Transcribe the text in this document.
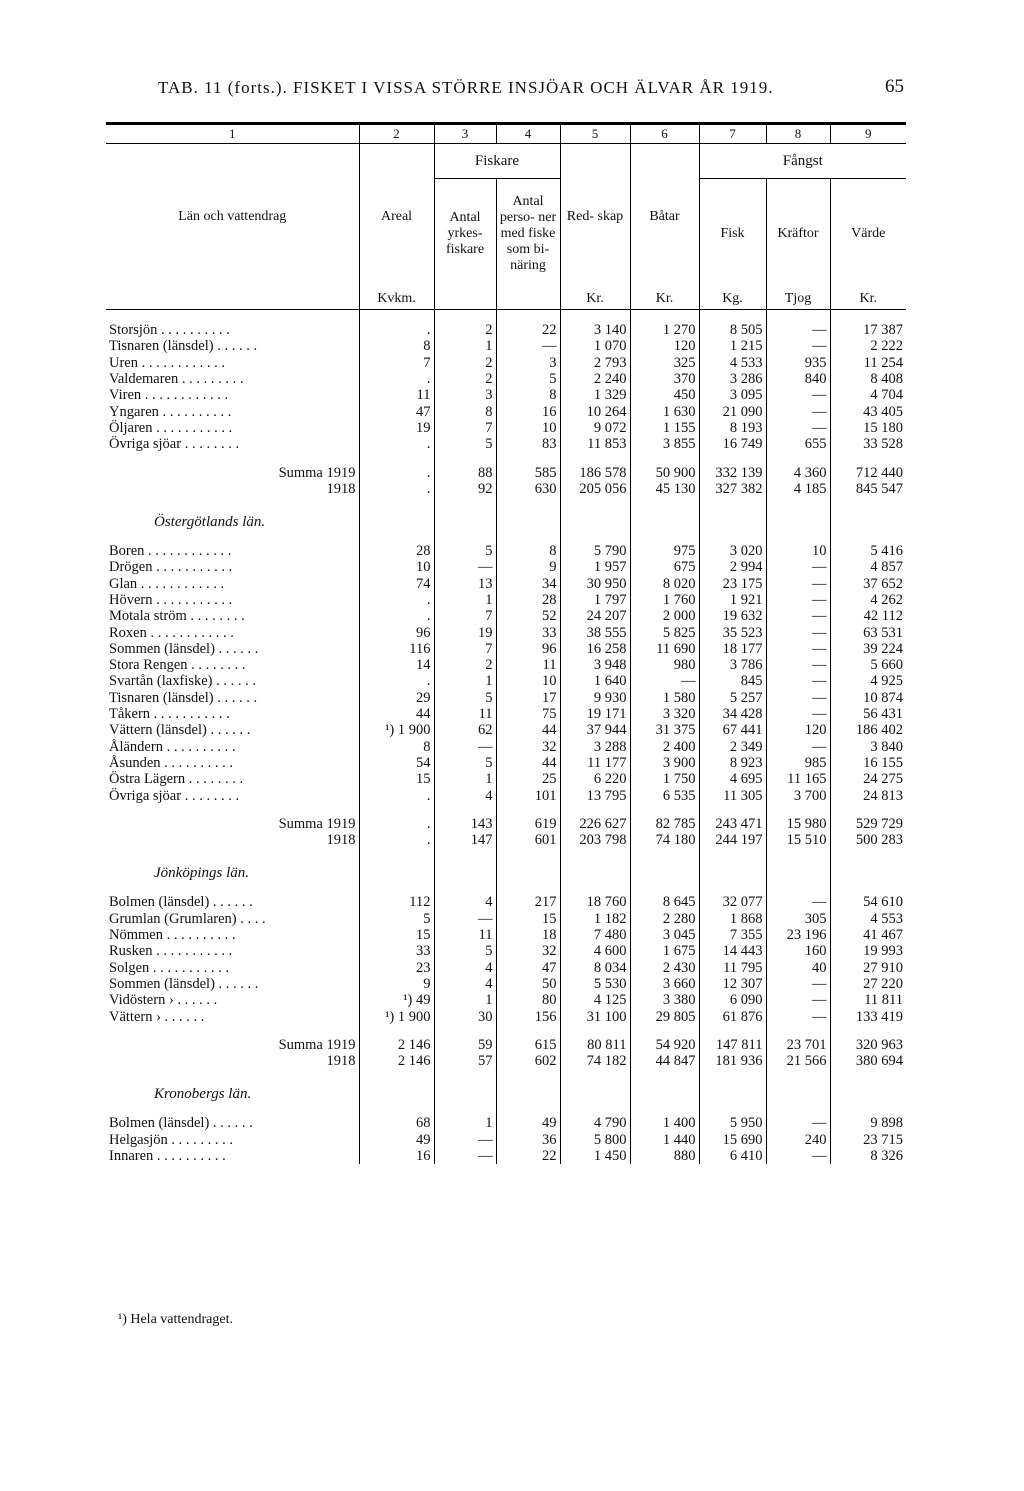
TAB. 11 (forts.). FISKET I VISSA STÖRRE INSJÖAR OCH ÄLVAR ÅR 1919.	65
1	2	3	4	5	6	7	8	9
Län och vattendrag	Areal	Fiskare		Red- skap	Båtar	Fångst		
		Antal yrkes- fiskare	Antal perso- ner med fiske som bi- näring			Fisk	Kräftor	Värde
	Kvkm.			Kr.	Kr.	Kg.	Tjog	Kr.

Storsjön . . . . . . . . . .	.	2	22	3 140	1 270	8 505	—	17 387
Tisnaren (länsdel) . . . . . .	8	1	—	1 070	120	1 215	—	2 222
Uren . . . . . . . . . . . .	7	2	3	2 793	325	4 533	935	11 254
Valdemaren . . . . . . . . .	.	2	5	2 240	370	3 286	840	8 408
Viren . . . . . . . . . . . .	11	3	8	1 329	450	3 095	—	4 704
Yngaren . . . . . . . . . .	47	8	16	10 264	1 630	21 090	—	43 405
Öljaren . . . . . . . . . . .	19	7	10	9 072	1 155	8 193	—	15 180
Övriga sjöar . . . . . . . .	.	5	83	11 853	3 855	16 749	655	33 528

Summa 1919	.	88	585	186 578	50 900	332 139	4 360	712 440
1918	.	92	630	205 056	45 130	327 382	4 185	845 547
Östergötlands län.								

Boren . . . . . . . . . . . .	28	5	8	5 790	975	3 020	10	5 416
Drögen . . . . . . . . . . .	10	—	9	1 957	675	2 994	—	4 857
Glan . . . . . . . . . . . .	74	13	34	30 950	8 020	23 175	—	37 652
Hövern . . . . . . . . . . .	.	1	28	1 797	1 760	1 921	—	4 262
Motala ström . . . . . . . .	.	7	52	24 207	2 000	19 632	—	42 112
Roxen . . . . . . . . . . . .	96	19	33	38 555	5 825	35 523	—	63 531
Sommen (länsdel) . . . . . .	116	7	96	16 258	11 690	18 177	—	39 224
Stora Rengen . . . . . . . .	14	2	11	3 948	980	3 786	—	5 660
Svartån (laxfiske) . . . . . .	.	1	10	1 640	—	845	—	4 925
Tisnaren (länsdel) . . . . . .	29	5	17	9 930	1 580	5 257	—	10 874
Tåkern . . . . . . . . . . .	44	11	75	19 171	3 320	34 428	—	56 431
Vättern (länsdel) . . . . . .	¹) 1 900	62	44	37 944	31 375	67 441	120	186 402
Åländern . . . . . . . . . .	8	—	32	3 288	2 400	2 349	—	3 840
Åsunden . . . . . . . . . .	54	5	44	11 177	3 900	8 923	985	16 155
Östra Lägern . . . . . . . .	15	1	25	6 220	1 750	4 695	11 165	24 275
Övriga sjöar . . . . . . . .	.	4	101	13 795	6 535	11 305	3 700	24 813

Summa 1919	.	143	619	226 627	82 785	243 471	15 980	529 729
1918	.	147	601	203 798	74 180	244 197	15 510	500 283
Jönköpings län.								

Bolmen (länsdel) . . . . . .	112	4	217	18 760	8 645	32 077	—	54 610
Grumlan (Grumlaren) . . . .	5	—	15	1 182	2 280	1 868	305	4 553
Nömmen . . . . . . . . . .	15	11	18	7 480	3 045	7 355	23 196	41 467
Rusken . . . . . . . . . . .	33	5	32	4 600	1 675	14 443	160	19 993
Solgen . . . . . . . . . . .	23	4	47	8 034	2 430	11 795	40	27 910
Sommen (länsdel) . . . . . .	9	4	50	5 530	3 660	12 307	—	27 220
Vidöstern › . . . . . .	¹) 49	1	80	4 125	3 380	6 090	—	11 811
Vättern › . . . . . .	¹) 1 900	30	156	31 100	29 805	61 876	—	133 419

Summa 1919	2 146	59	615	80 811	54 920	147 811	23 701	320 963
1918	2 146	57	602	74 182	44 847	181 936	21 566	380 694
Kronobergs län.								

Bolmen (länsdel) . . . . . .	68	1	49	4 790	1 400	5 950	—	9 898
Helgasjön . . . . . . . . .	49	—	36	5 800	1 440	15 690	240	23 715
Innaren . . . . . . . . . .	16	—	22	1 450	880	6 410	—	8 326
¹) Hela vattendraget.
